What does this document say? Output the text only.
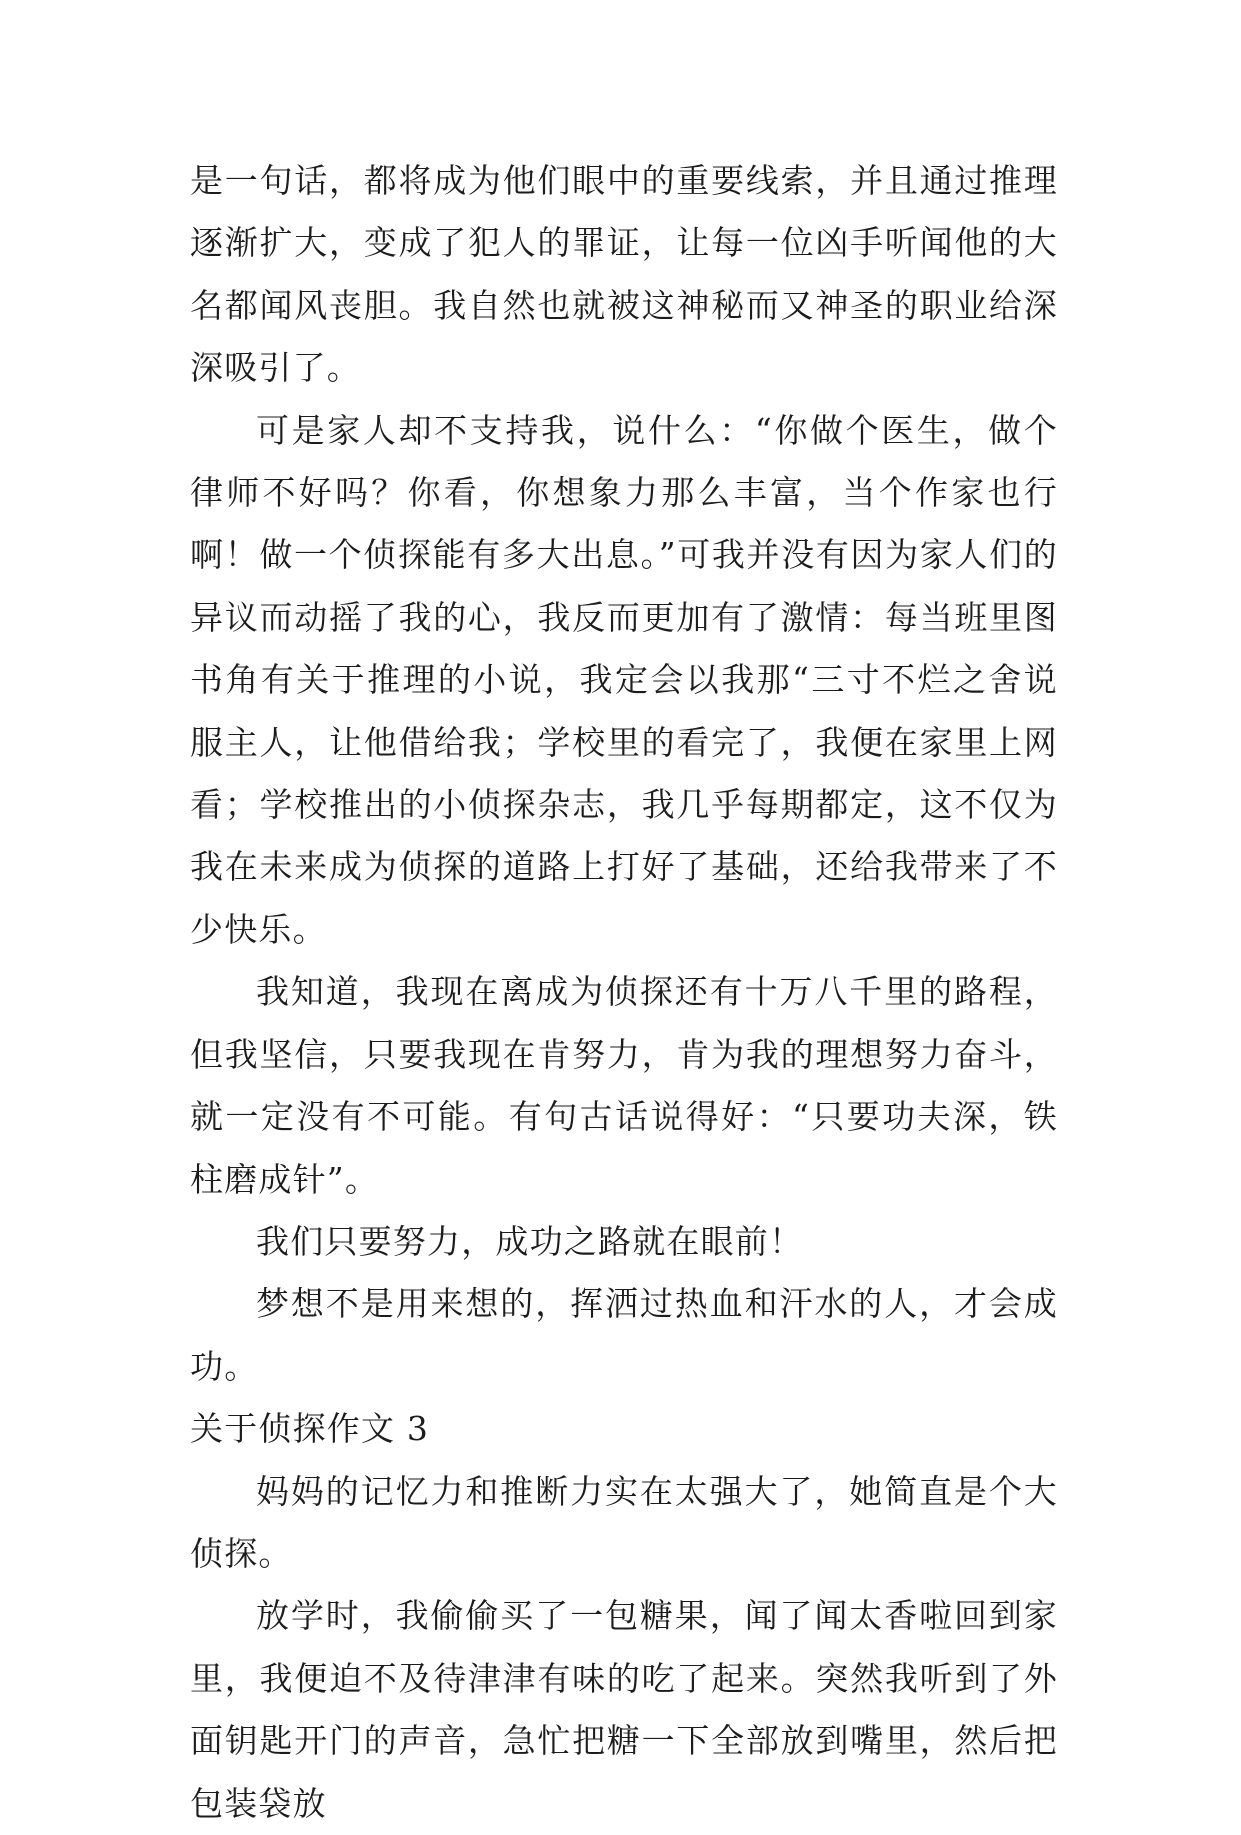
是一句话，都将成为他们眼中的重要线索，并且通过推理逐渐扩大，变成了犯人的罪证，让每一位凶手听闻他的大名都闻风丧胆。我自然也就被这神秘而又神圣的职业给深深吸引了。

可是家人却不支持我，说什么：“你做个医生，做个律师不好吗？你看，你想象力那么丰富，当个作家也行啊！做一个侦探能有多大出息。”可我并没有因为家人们的异议而动摇了我的心，我反而更加有了激情：每当班里图书角有关于推理的小说，我定会以我那“三寸不烂之舍说服主人，让他借给我；学校里的看完了，我便在家里上网看；学校推出的小侦探杂志，我几乎每期都定，这不仅为我在未来成为侦探的道路上打好了基础，还给我带来了不少快乐。

我知道，我现在离成为侦探还有十万八千里的路程，但我坚信，只要我现在肯努力，肯为我的理想努力奋斗，就一定没有不可能。有句古话说得好：“只要功夫深，铁柱磨成针”。

我们只要努力，成功之路就在眼前！

梦想不是用来想的，挥洒过热血和汗水的人，才会成功。

关于侦探作文 3

妈妈的记忆力和推断力实在太强大了，她简直是个大侦探。

放学时，我偷偷买了一包糖果，闻了闻太香啦回到家里，我便迫不及待津津有味的吃了起来。突然我听到了外面钥匙开门的声音，急忙把糖一下全部放到嘴里，然后把包装袋放
